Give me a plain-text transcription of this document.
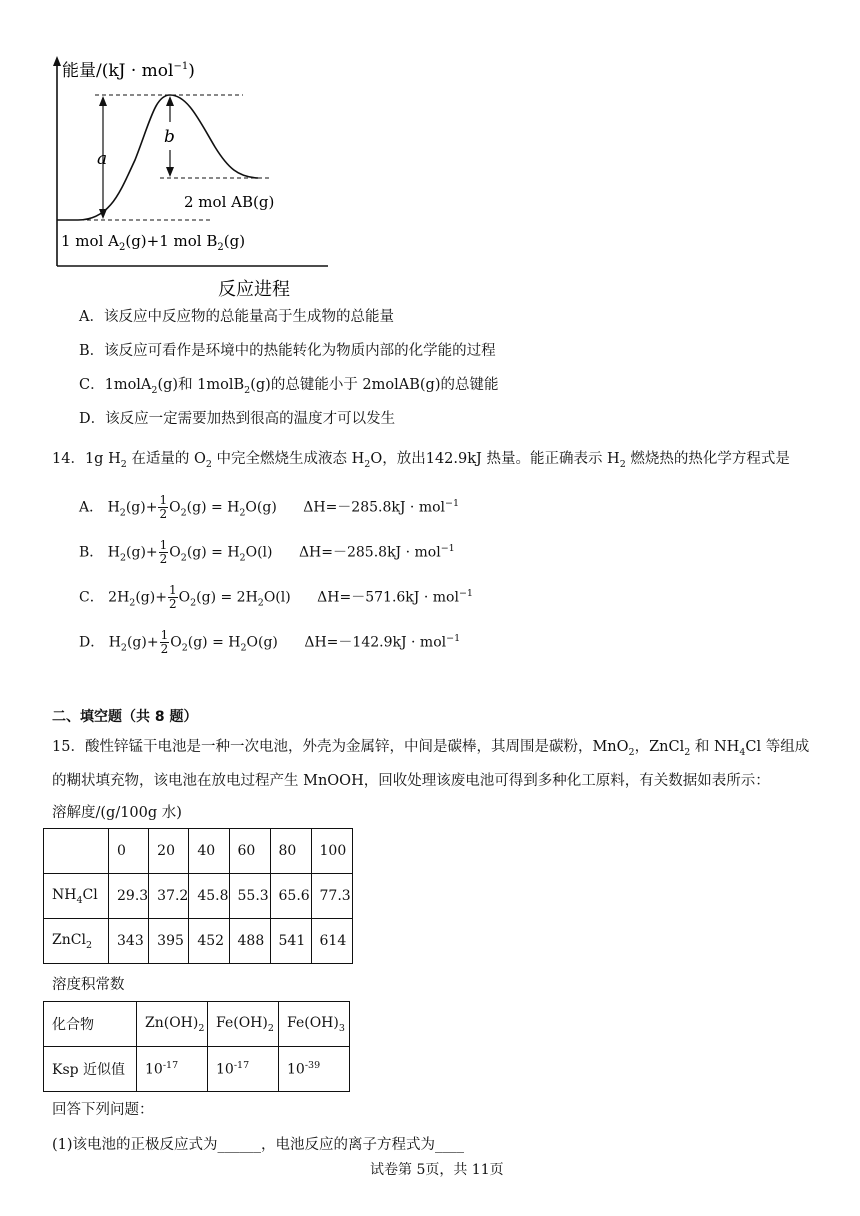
a
b
能量/(kJ · mol$^{-1}$)
2 mol AB(g)
1 mol $A_2(g)+1$ mol $B_2(g)$
反应进程
A．该反应中反应物的总能量高于生成物的总能量
B．该反应可看作是环境中的热能转化为物质内部的化学能的过程
C．1molA$_2$(g)和 1molB$_2$(g)的总键能小于 2molAB(g)的总键能
D．该反应一定需要加热到很高的温度才可以发生
14．1g $H_2$ 在适量的 $O_2$ 中完全燃烧生成液态 $H_2O$，放出142.9kJ 热量。能正确表示 $H_2$ 燃烧热的热化学方程式是
A． $H_2(g)+ \frac{1}{2} O_2(g) = H_2O(g) \Delta H=-285.8kJ \cdot mol^{-1}$
B． $H_2(g)+ \frac{1}{2} O_2(g) = H_2O(l) \Delta H=-285.8kJ \cdot mol^{-1}$
C． $2H_2(g)+ \frac{1}{2} O_2(g) = 2H_2O(l) \Delta H=-571.6kJ \cdot mol^{-1}$
D． $H_2(g)+ \frac{1}{2} O_2(g) = H_2O(g) \Delta H=-142.9kJ \cdot mol^{-1}$
二、填空题（共 8 题）
15．酸性锌锰干电池是一种一次电池，外壳为金属锌，中间是碳棒，其周围是碳粉，MnO$_2$，ZnCl$_2$ 和 $NH_4Cl$ 等组成
的糊状填充物，该电池在放电过程产生 MnOOH，回收处理该废电池可得到多种化工原料，有关数据如表所示：
溶解度/(g/100g 水)
	0	20	40	60	80	100
$NH_4Cl$	29.3	37.2	45.8	55.3	65.6	77.3
ZnCl$_2$	343	395	452	488	541	614
溶度积常数
化合物	$Zn(OH)_2$	$Fe(OH)_2$	$Fe(OH)_3$
Ksp 近似值	$10^{-17}$	$10^{-17}$	$10^{-39}$
回答下列问题：
(1)该电池的正极反应式为______，电池反应的离子方程式为____
试卷第 5页，共 11页
